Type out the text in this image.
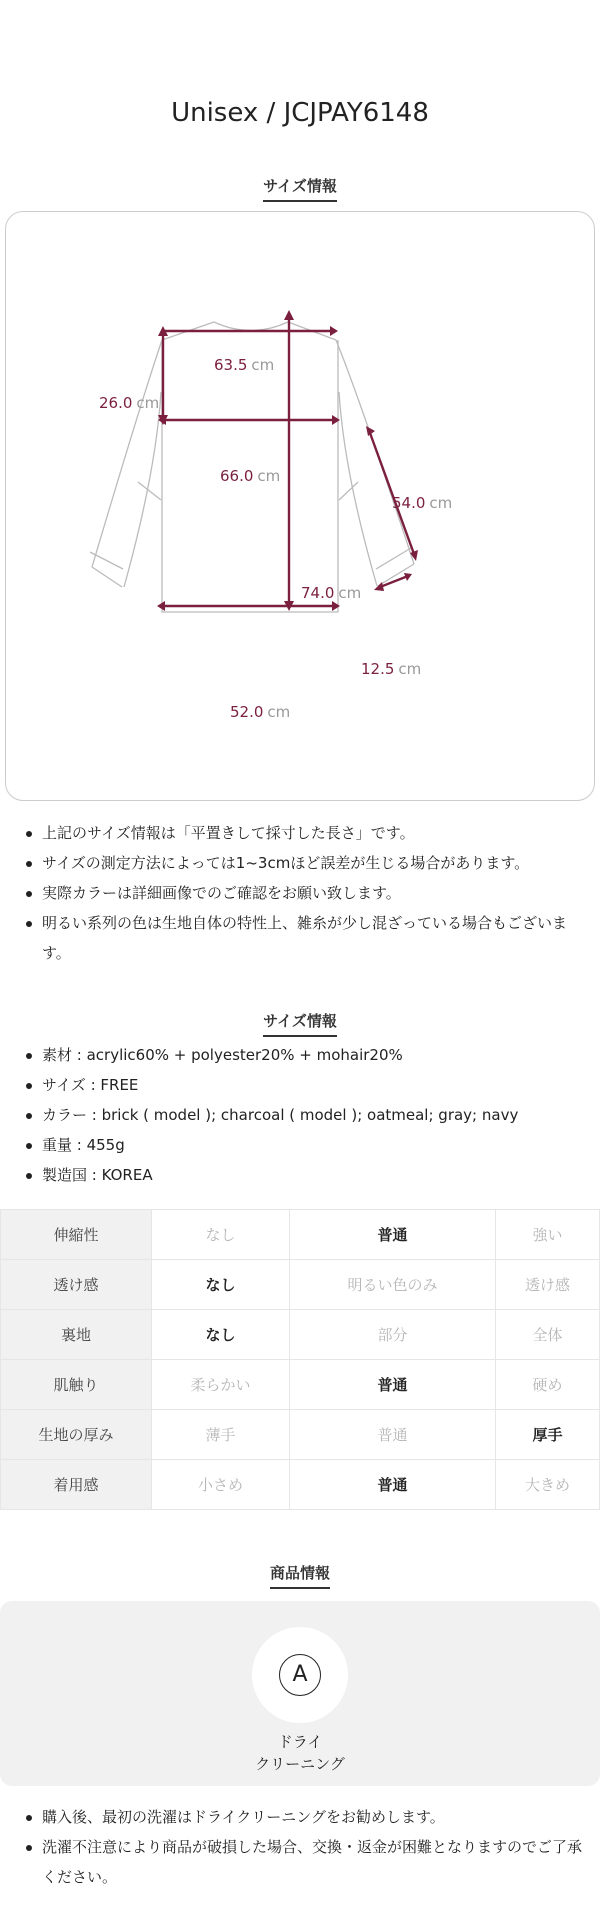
Unisex / JCJPAY6148
サイズ情報
63.5 cm
26.0 cm
66.0 cm
54.0 cm
74.0 cm
12.5 cm
52.0 cm
上記のサイズ情報は「平置きして採寸した長さ」です。
サイズの測定方法によっては1~3cmほど誤差が生じる場合があります。
実際カラーは詳細画像でのご確認をお願い致します。
明るい系列の色は生地自体の特性上、雑糸が少し混ざっている場合もございます。
サイズ情報
素材 : acrylic60% + polyester20% + mohair20%
サイズ : FREE
カラー : brick ( model ); charcoal ( model ); oatmeal; gray; navy
重量 : 455g
製造国 : KOREA
伸縮性	なし	普通	強い
透け感	なし	明るい色のみ	透け感
裏地	なし	部分	全体
肌触り	柔らかい	普通	硬め
生地の厚み	薄手	普通	厚手
着用感	小さめ	普通	大きめ
商品情報
A
ドライ
クリーニング
購入後、最初の洗濯はドライクリーニングをお勧めします。
洗濯不注意により商品が破損した場合、交換・返金が困難となりますのでご了承ください。
